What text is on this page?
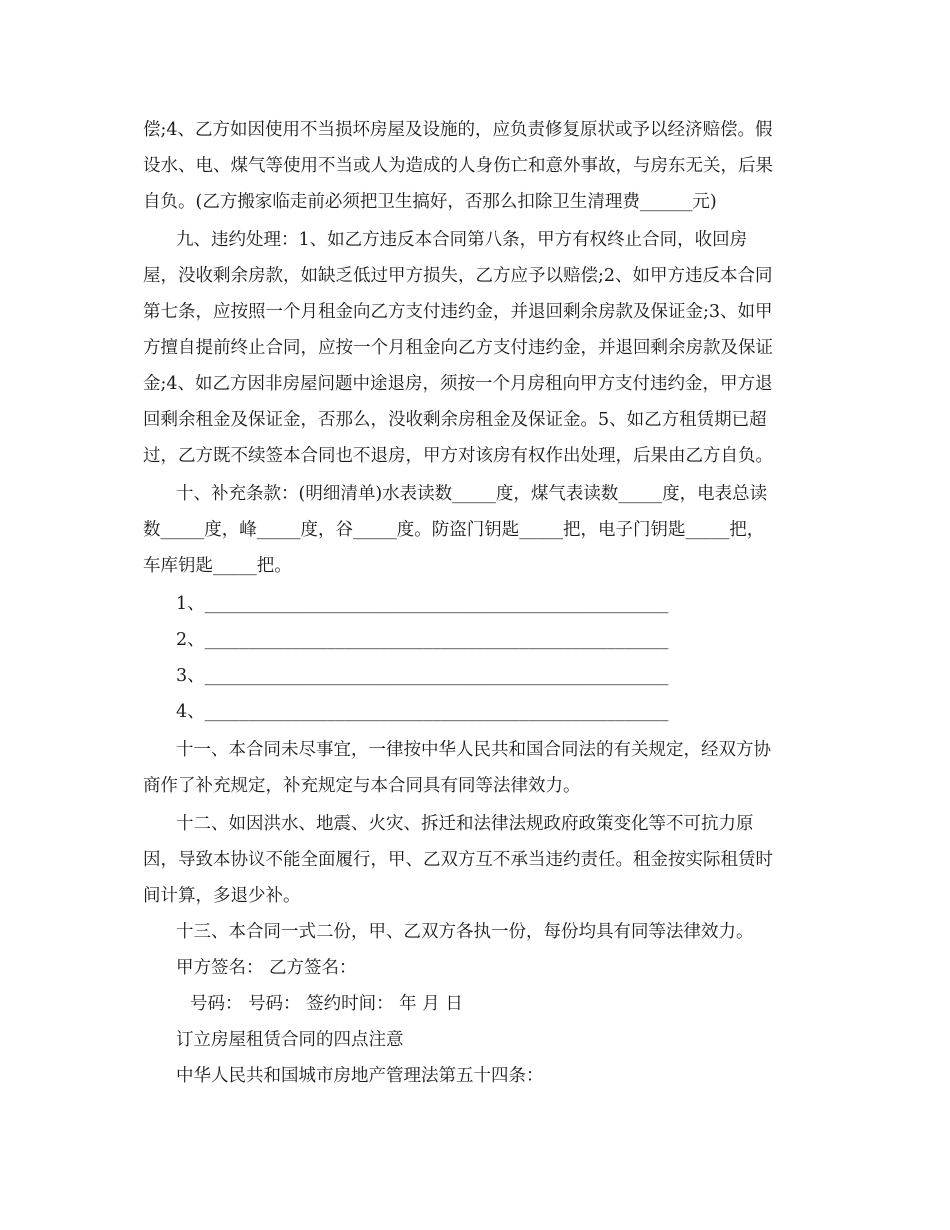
偿;4、乙方如因使用不当损坏房屋及设施的，应负责修复原状或予以经济赔偿。假
设水、电、煤气等使用不当或人为造成的人身伤亡和意外事故，与房东无关，后果
自负。(乙方搬家临走前必须把卫生搞好，否那么扣除卫生清理费______元)
九、违约处理：1、如乙方违反本合同第八条，甲方有权终止合同，收回房
屋，没收剩余房款，如缺乏低过甲方损失，乙方应予以赔偿;2、如甲方违反本合同
第七条，应按照一个月租金向乙方支付违约金，并退回剩余房款及保证金;3、如甲
方擅自提前终止合同，应按一个月租金向乙方支付违约金，并退回剩余房款及保证
金;4、如乙方因非房屋问题中途退房，须按一个月房租向甲方支付违约金，甲方退
回剩余租金及保证金，否那么，没收剩余房租金及保证金。5、如乙方租赁期已超
过，乙方既不续签本合同也不退房，甲方对该房有权作出处理，后果由乙方自负。
十、补充条款：(明细清单)水表读数_____度，煤气表读数_____度，电表总读
数_____度，峰_____度，谷_____度。防盗门钥匙_____把，电子门钥匙_____把，
车库钥匙_____把。
1、_____________________________________________________
2、_____________________________________________________
3、_____________________________________________________
4、_____________________________________________________
十一、本合同未尽事宜，一律按中华人民共和国合同法的有关规定，经双方协
商作了补充规定，补充规定与本合同具有同等法律效力。
十二、如因洪水、地震、火灾、拆迁和法律法规政府政策变化等不可抗力原
因，导致本协议不能全面履行，甲、乙双方互不承当违约责任。租金按实际租赁时
间计算，多退少补。
十三、本合同一式二份，甲、乙双方各执一份，每份均具有同等法律效力。
甲方签名： 乙方签名：
号码： 号码： 签约时间： 年 月 日
订立房屋租赁合同的四点注意
中华人民共和国城市房地产管理法第五十四条：
